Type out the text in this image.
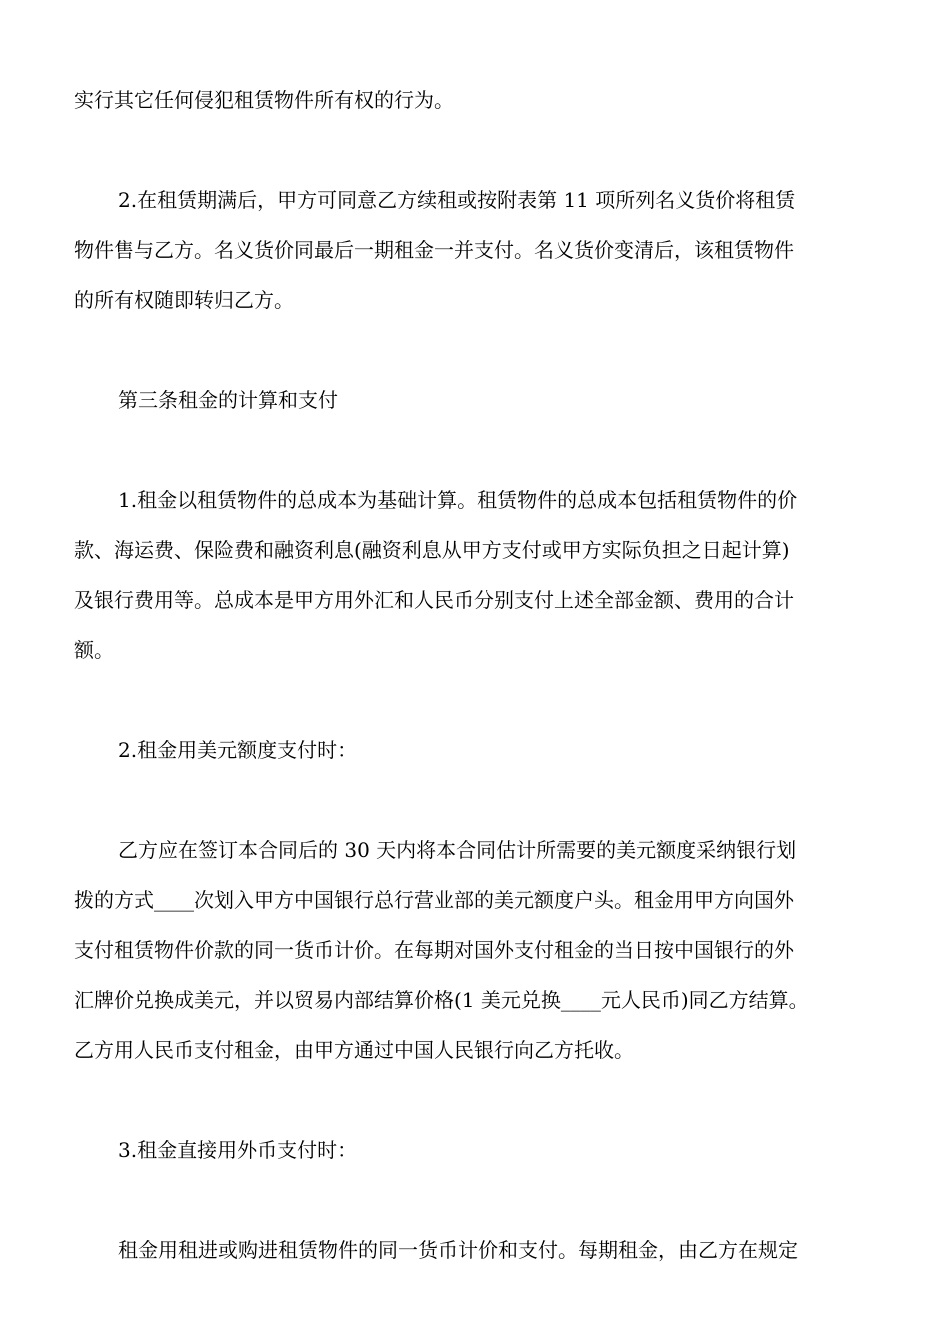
实行其它任何侵犯租赁物件所有权的行为。
2.在租赁期满后，甲方可同意乙方续租或按附表第 11 项所列名义货价将租赁
物件售与乙方。名义货价同最后一期租金一并支付。名义货价变清后，该租赁物件
的所有权随即转归乙方。
第三条租金的计算和支付
1.租金以租赁物件的总成本为基础计算。租赁物件的总成本包括租赁物件的价
款、海运费、保险费和融资利息(融资利息从甲方支付或甲方实际负担之日起计算)
及银行费用等。总成本是甲方用外汇和人民币分别支付上述全部金额、费用的合计
额。
2.租金用美元额度支付时：
乙方应在签订本合同后的 30 天内将本合同估计所需要的美元额度采纳银行划
拨的方式____次划入甲方中国银行总行营业部的美元额度户头。租金用甲方向国外
支付租赁物件价款的同一货币计价。在每期对国外支付租金的当日按中国银行的外
汇牌价兑换成美元，并以贸易内部结算价格(1 美元兑换____元人民币)同乙方结算。
乙方用人民币支付租金，由甲方通过中国人民银行向乙方托收。
3.租金直接用外币支付时：
租金用租进或购进租赁物件的同一货币计价和支付。每期租金，由乙方在规定
